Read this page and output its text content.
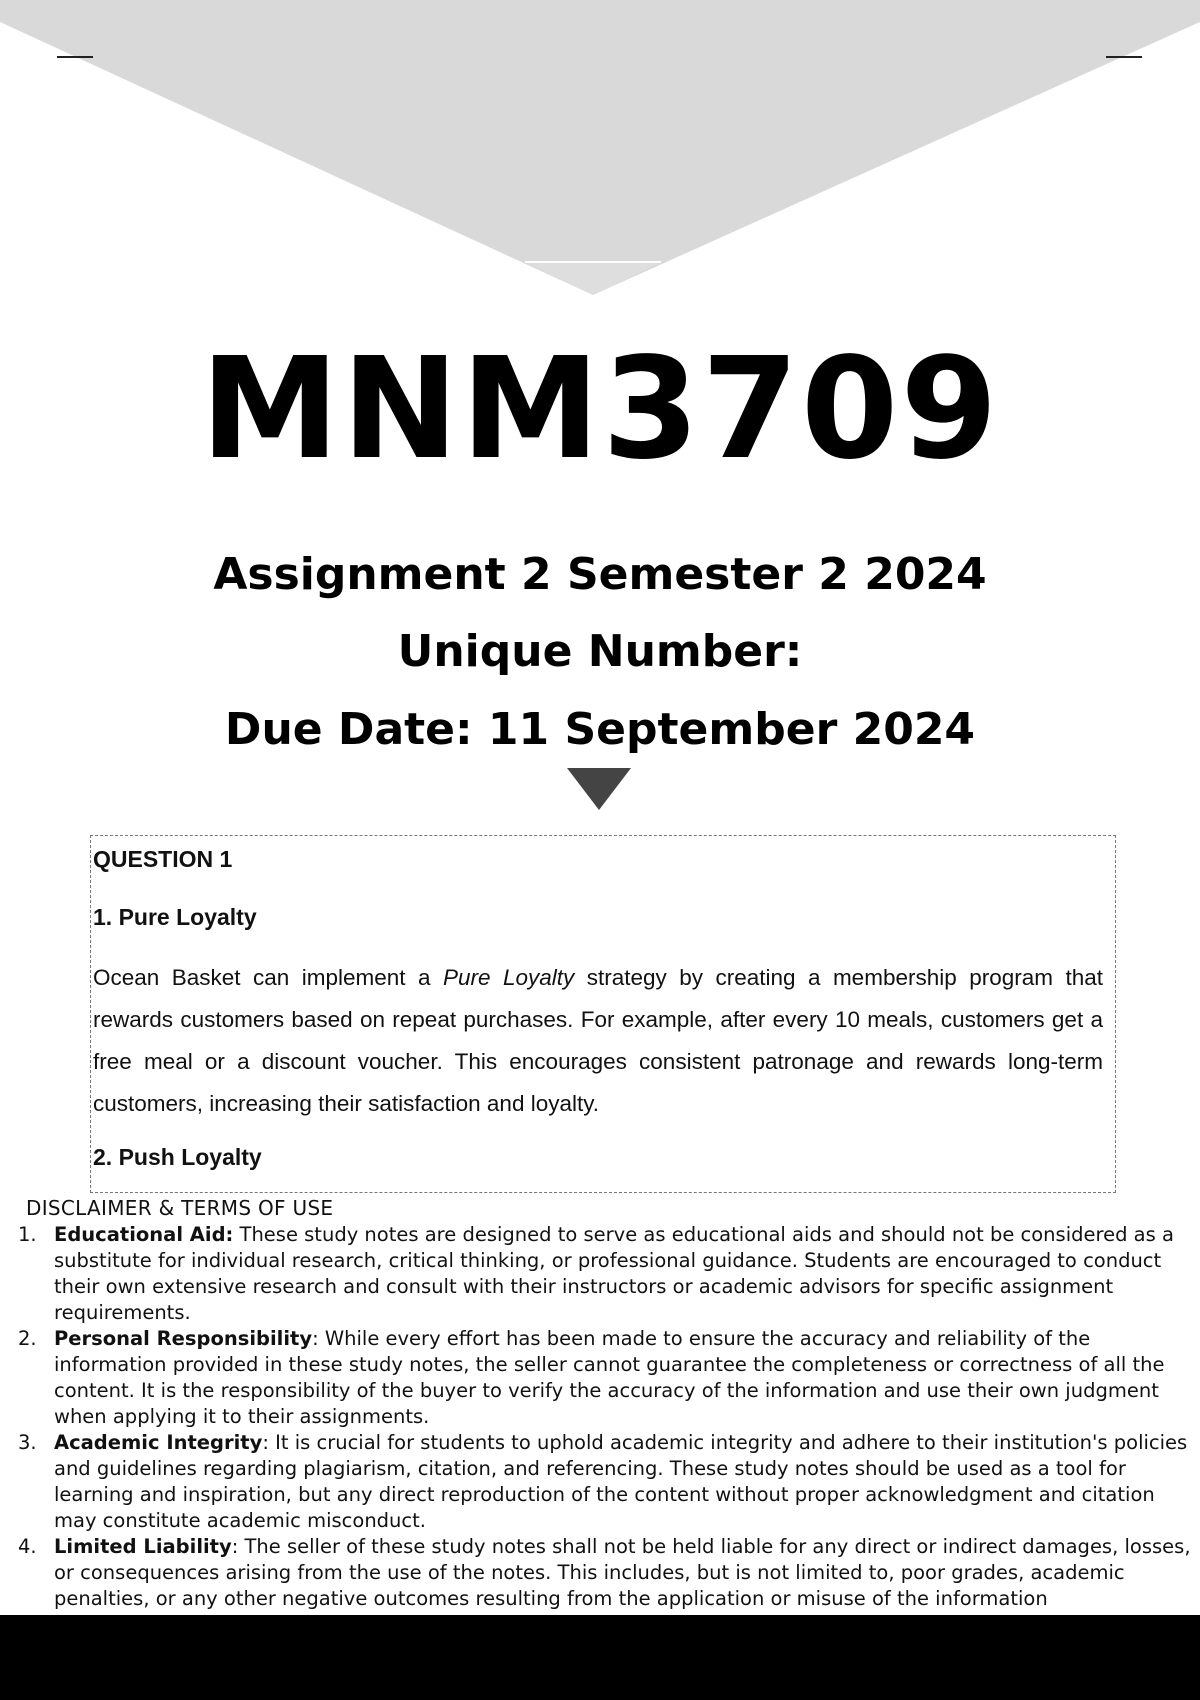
MNM3709
Assignment 2 Semester 2 2024
Unique Number:
Due Date: 11 September 2024
QUESTION 1
1. Pure Loyalty

Ocean Basket can implement a Pure Loyalty strategy by creating a membership program that rewards customers based on repeat purchases. For example, after every 10 meals, customers get a free meal or a discount voucher. This encourages consistent patronage and rewards long-term customers, increasing their satisfaction and loyalty.

2. Push Loyalty
DISCLAIMER & TERMS OF USE
1. Educational Aid: These study notes are designed to serve as educational aids and should not be considered as a substitute for individual research, critical thinking, or professional guidance. Students are encouraged to conduct their own extensive research and consult with their instructors or academic advisors for specific assignment requirements.
2. Personal Responsibility: While every effort has been made to ensure the accuracy and reliability of the information provided in these study notes, the seller cannot guarantee the completeness or correctness of all the content. It is the responsibility of the buyer to verify the accuracy of the information and use their own judgment when applying it to their assignments.
3. Academic Integrity: It is crucial for students to uphold academic integrity and adhere to their institution's policies and guidelines regarding plagiarism, citation, and referencing. These study notes should be used as a tool for learning and inspiration, but any direct reproduction of the content without proper acknowledgment and citation may constitute academic misconduct.
4. Limited Liability: The seller of these study notes shall not be held liable for any direct or indirect damages, losses, or consequences arising from the use of the notes. This includes, but is not limited to, poor grades, academic penalties, or any other negative outcomes resulting from the application or misuse of the information
